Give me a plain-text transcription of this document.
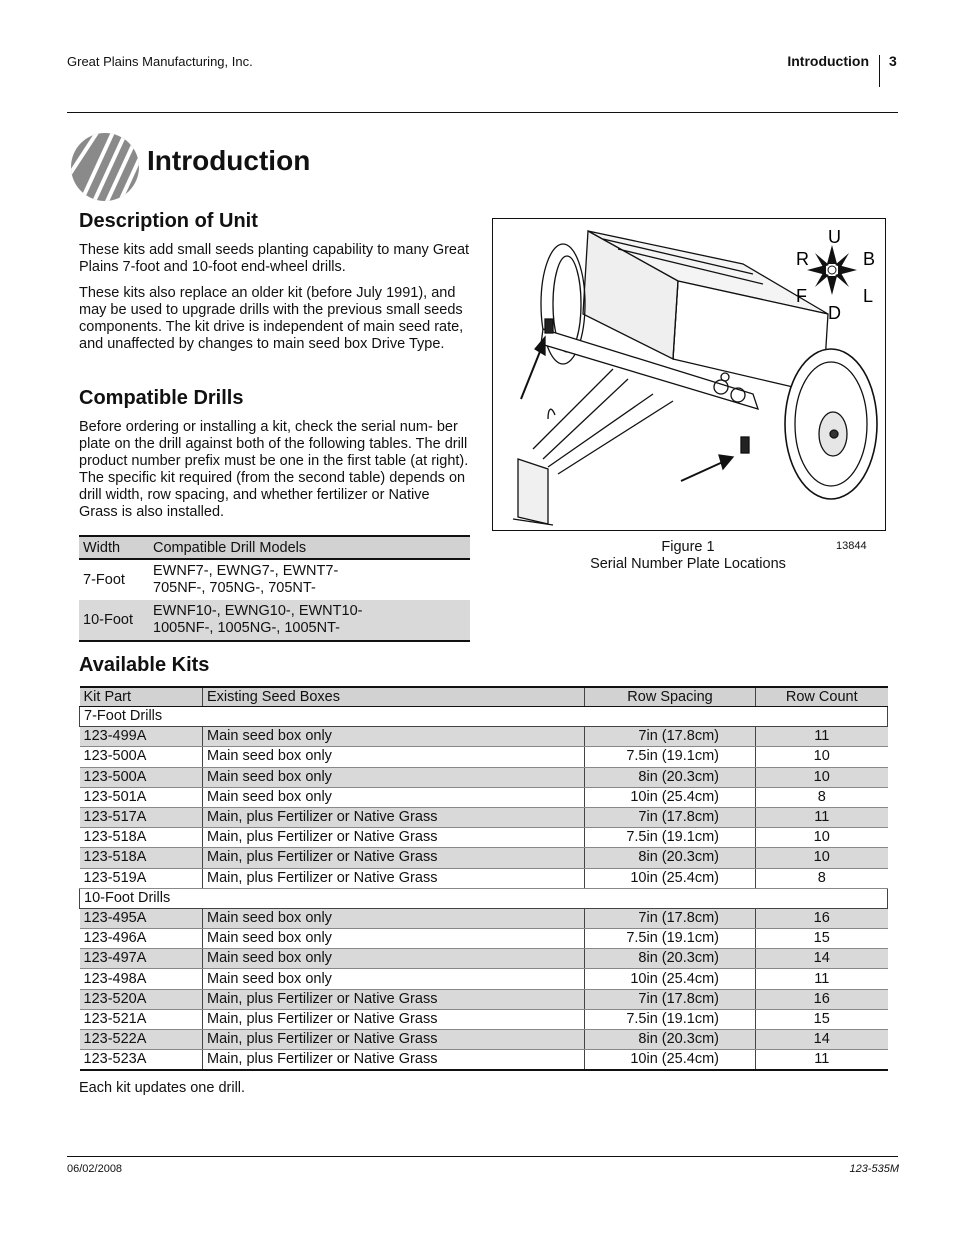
Great Plains Manufacturing, Inc.	Introduction 3
Introduction
Description of Unit

These kits add small seeds planting capability to many Great Plains 7-foot and 10-foot end-wheel drills.

These kits also replace an older kit (before July 1991), and may be used to upgrade drills with the previous small seeds components. The kit drive is independent of main seed rate, and unaffected by changes to main seed box Drive Type.

Compatible Drills

Before ordering or installing a kit, check the serial num- ber plate on the drill against both of the following tables. The drill product number prefix must be one in the first table (at right). The specific kit required (from the second table) depends on drill width, row spacing, and whether fertilizer or Native Grass is also installed.

Width	Compatible Drill Models
7-Foot	EWNF7-, EWNG7-, EWNT7-
705NF-, 705NG-, 705NT-

10-Foot	EWNF10-, EWNG10-, EWNT10-
1005NF-, 1005NG-, 1005NT-
U
R	B
F	L
D
Figure 1
Serial Number Plate Locations
13844
Available Kits
Kit Part	Existing Seed Boxes	Row Spacing	Row Count
7-Foot Drills			
123-499A	Main seed box only	7in (17.8cm)	11
123-500A	Main seed box only	7.5in (19.1cm)	10
123-500A	Main seed box only	8in (20.3cm)	10
123-501A	Main seed box only	10in (25.4cm)	8
123-517A	Main, plus Fertilizer or Native Grass	7in (17.8cm)	11
123-518A	Main, plus Fertilizer or Native Grass	7.5in (19.1cm)	10
123-518A	Main, plus Fertilizer or Native Grass	8in (20.3cm)	10
123-519A	Main, plus Fertilizer or Native Grass	10in (25.4cm)	8
10-Foot Drills			
123-495A	Main seed box only	7in (17.8cm)	16
123-496A	Main seed box only	7.5in (19.1cm)	15
123-497A	Main seed box only	8in (20.3cm)	14
123-498A	Main seed box only	10in (25.4cm)	11
123-520A	Main, plus Fertilizer or Native Grass	7in (17.8cm)	16
123-521A	Main, plus Fertilizer or Native Grass	7.5in (19.1cm)	15
123-522A	Main, plus Fertilizer or Native Grass	8in (20.3cm)	14
123-523A	Main, plus Fertilizer or Native Grass	10in (25.4cm)	11
Each kit updates one drill.
06/02/2008	123-535M
